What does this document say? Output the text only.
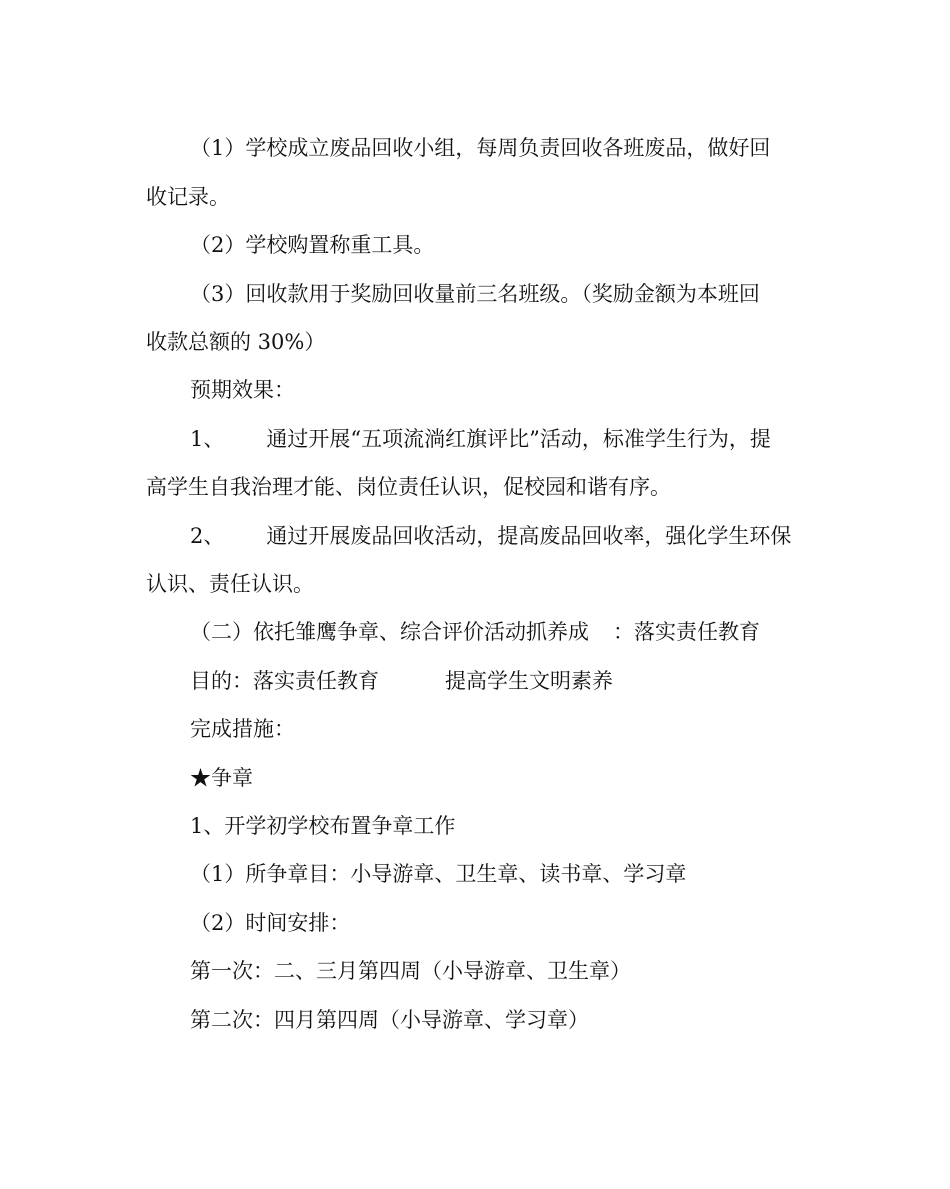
（1）学校成立废品回收小组，每周负责回收各班废品，做好回
收记录。
（2）学校购置称重工具。
（3）回收款用于奖励回收量前三名班级。（奖励金额为本班回
收款总额的 30%）
预期效果：
1、 通过开展“五项流淌红旗评比”活动，标准学生行为，提
高学生自我治理才能、岗位责任认识，促校园和谐有序。
2、 通过开展废品回收活动，提高废品回收率，强化学生环保
认识、责任认识。
（二）依托雏鹰争章、综合评价活动抓养成 ：落实责任教育
目的：落实责任教育	提高学生文明素养
完成措施：
★争章
1、开学初学校布置争章工作
（1）所争章目：小导游章、卫生章、读书章、学习章
（2）时间安排：
第一次：二、三月第四周（小导游章、卫生章）
第二次：四月第四周（小导游章、学习章）
